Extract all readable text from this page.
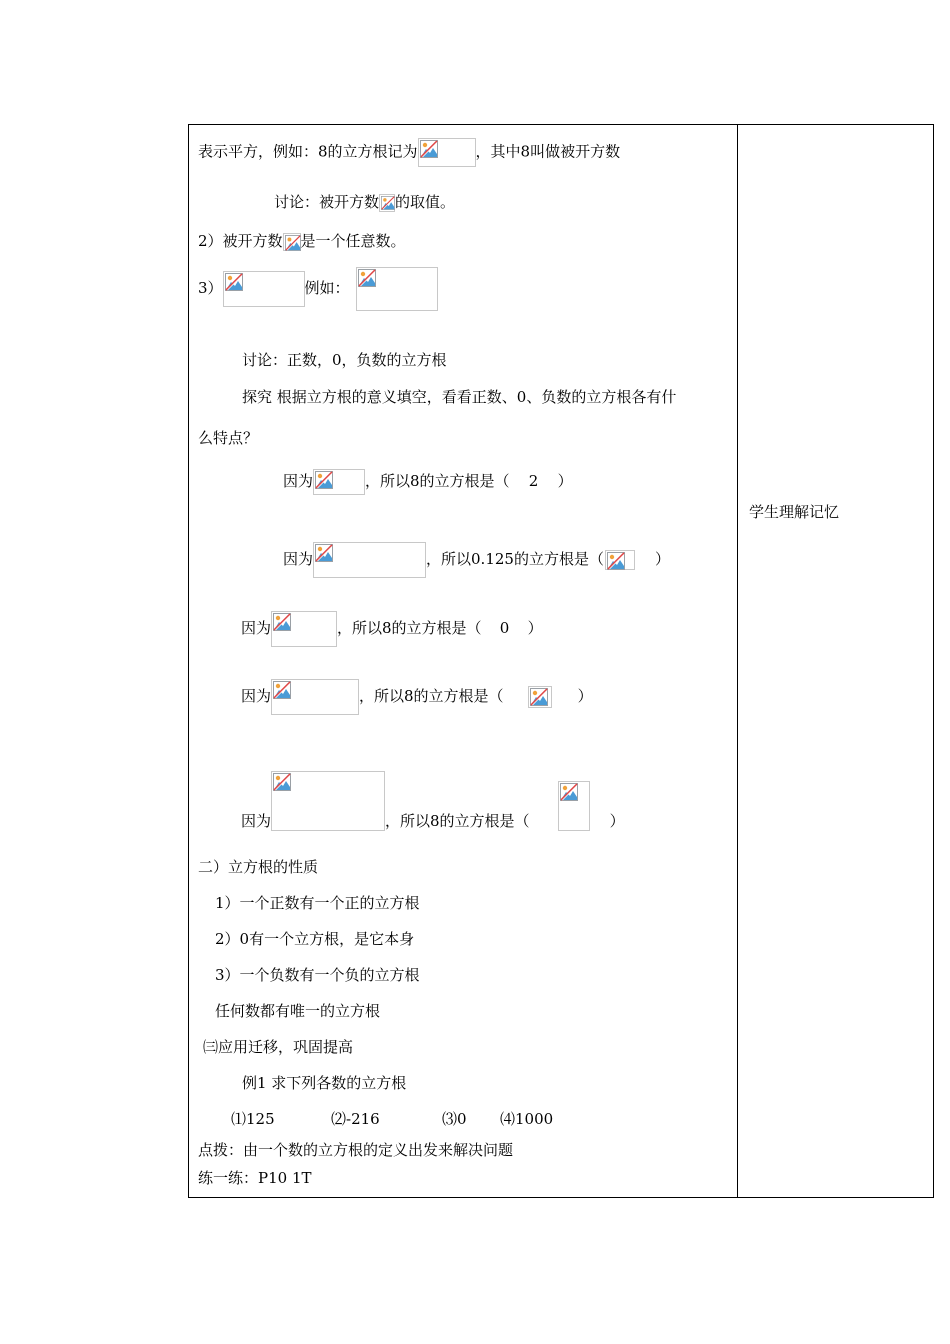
表示平方，例如：8的立方根记为	，其中8叫做被开方数
讨论：被开方数 的取值。
2）被开方数 是一个任意数。
3）	例如：
讨论：正数，0，负数的立方根
探究 根据立方根的意义填空，看看正数、0、负数的立方根各有什
么特点？
因为	，所以8的立方根是（ 2 ）
因为	，所以0.125的立方根是（	）
因为	，所以8的立方根是（ 0 ）
因为	，所以8的立方根是（	）
因为	，所以8的立方根是（	）
二）立方根的性质
1）一个正数有一个正的立方根
2）0有一个立方根，是它本身
3）一个负数有一个负的立方根
任何数都有唯一的立方根
㈢应用迁移，巩固提高
例1 求下列各数的立方根
⑴125	⑵-216	⑶0 ⑷1000
点拨：由一个数的立方根的定义出发来解决问题
练一练：P10 1T
学生理解记忆
